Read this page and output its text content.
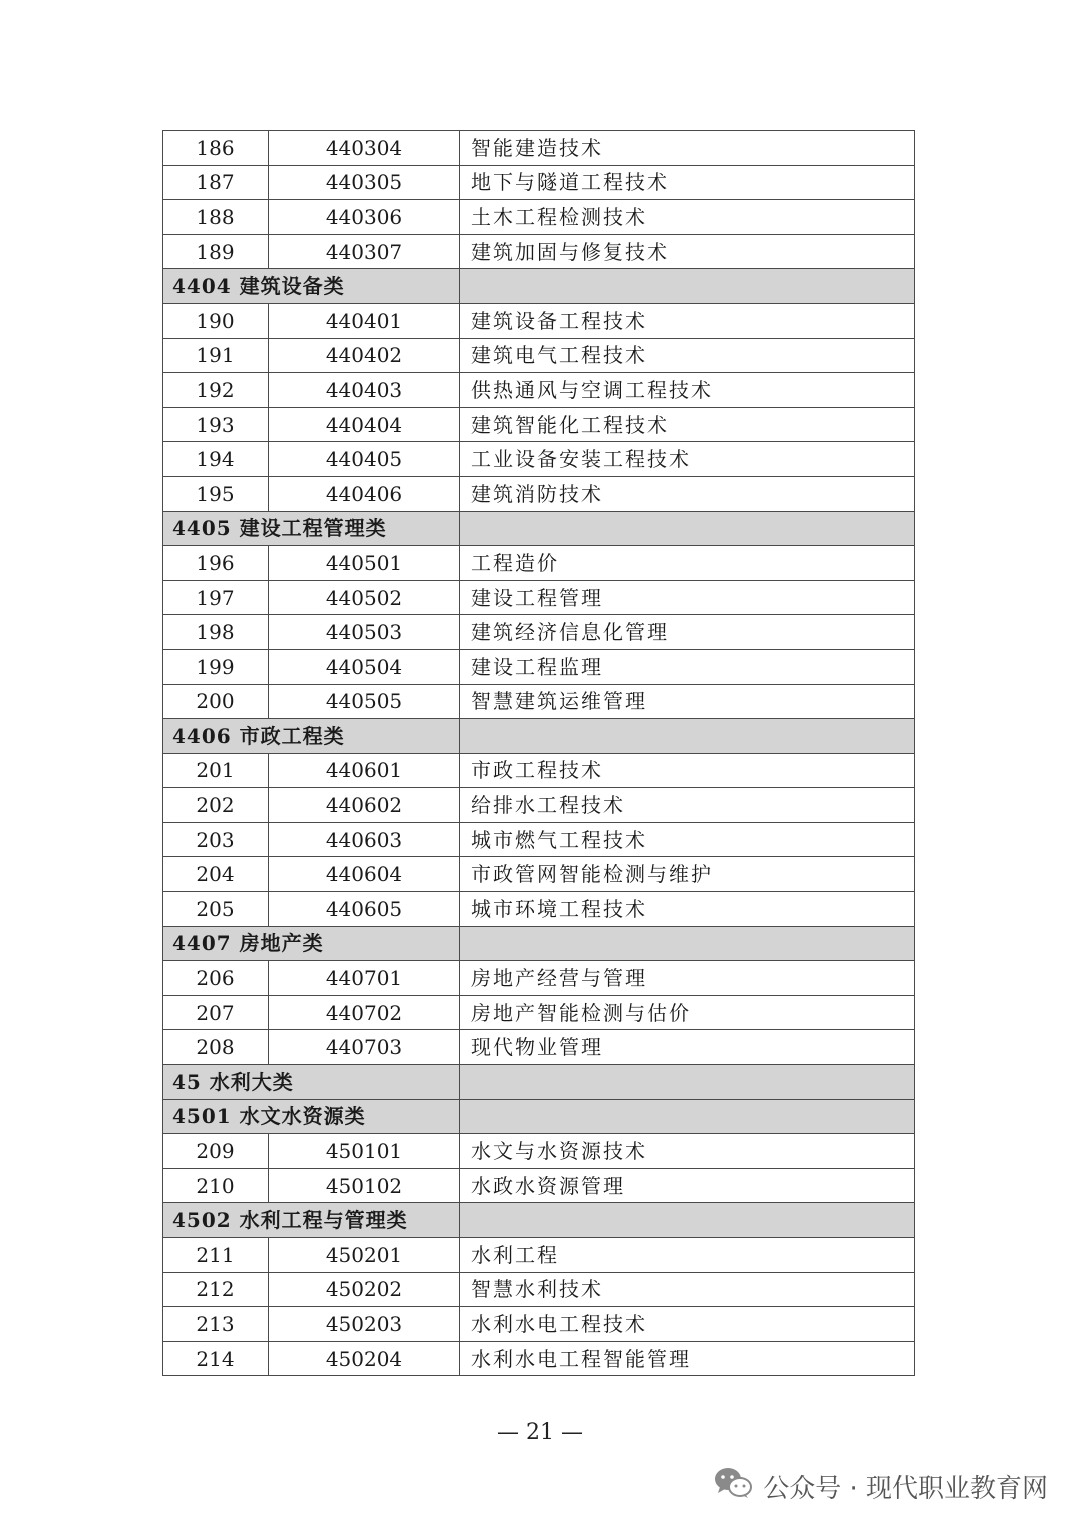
186	440304	智能建造技术
187	440305	地下与隧道工程技术
188	440306	土木工程检测技术
189	440307	建筑加固与修复技术
4404 建筑设备类		
190	440401	建筑设备工程技术
191	440402	建筑电气工程技术
192	440403	供热通风与空调工程技术
193	440404	建筑智能化工程技术
194	440405	工业设备安装工程技术
195	440406	建筑消防技术
4405 建设工程管理类		
196	440501	工程造价
197	440502	建设工程管理
198	440503	建筑经济信息化管理
199	440504	建设工程监理
200	440505	智慧建筑运维管理
4406 市政工程类		
201	440601	市政工程技术
202	440602	给排水工程技术
203	440603	城市燃气工程技术
204	440604	市政管网智能检测与维护
205	440605	城市环境工程技术
4407 房地产类		
206	440701	房地产经营与管理
207	440702	房地产智能检测与估价
208	440703	现代物业管理
45 水利大类		
4501 水文水资源类		
209	450101	水文与水资源技术
210	450102	水政水资源管理
4502 水利工程与管理类		
211	450201	水利工程
212	450202	智慧水利技术
213	450203	水利水电工程技术
214	450204	水利水电工程智能管理
— 21 —
公众号 · 现代职业教育网
